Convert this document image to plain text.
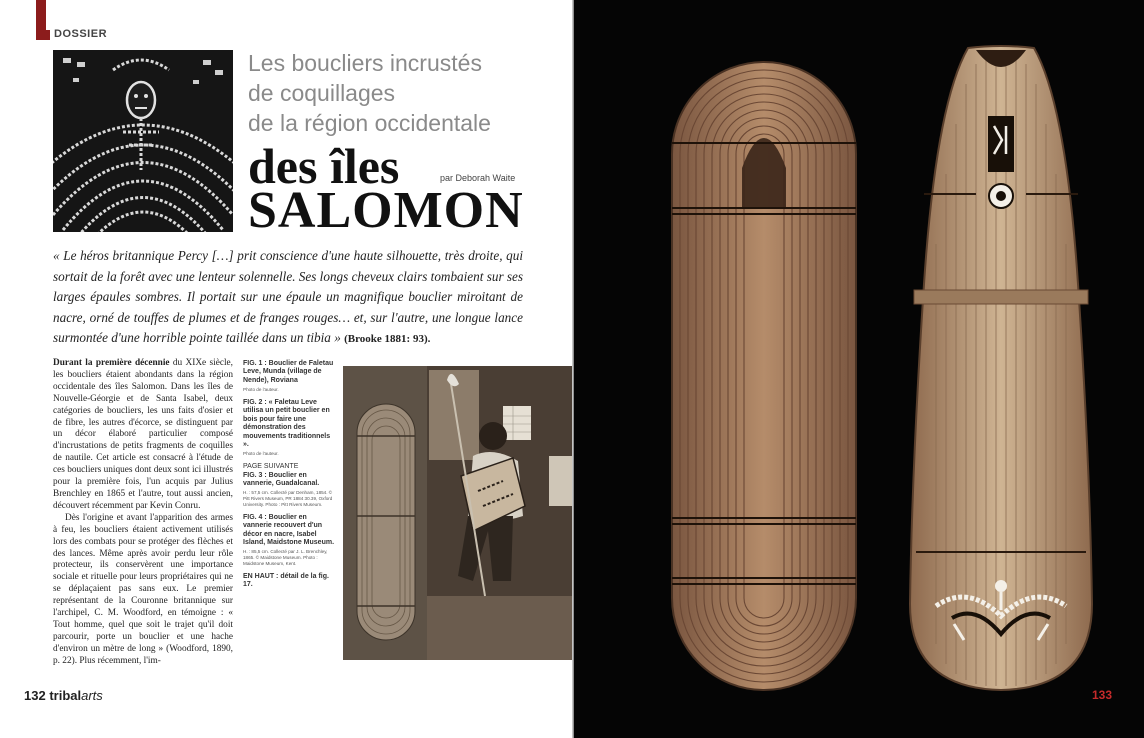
DOSSIER
Les boucliers incrustés
de coquillages
de la région occidentale
des îles
SALOMON
par Deborah Waite
« Le héros britannique Percy […] prit conscience d'une haute silhouette, très droite, qui sortait de la forêt avec une lenteur solennelle. Ses longs cheveux clairs tombaient sur ses larges épaules sombres. Il portait sur une épaule un magnifique bouclier miroitant de nacre, orné de touffes de plumes et de franges rouges… et, sur l'autre, une longue lance surmontée d'une horrible pointe taillée dans un tibia » (Brooke 1881: 93).

Durant la première décennie du XIXe siècle, les boucliers étaient abondants dans la région occidentale des îles Salomon. Dans les îles de Nouvelle-Géorgie et de Santa Isabel, deux catégories de boucliers, les uns faits d'osier et de fibre, les autres d'écorce, se distinguent par un décor élaboré particulier composé d'incrustations de petits fragments de coquilles de nautile. Cet article est consacré à l'étude de ces boucliers uniques dont deux sont ici illustrés pour la première fois, l'un acquis par Julius Brenchley en 1865 et l'autre, tout aussi ancien, découvert récemment par Kevin Conru.

Dès l'origine et avant l'apparition des armes à feu, les boucliers étaient activement utilisés lors des combats pour se protéger des flèches et des lances. Même après avoir perdu leur rôle protecteur, ils conservèrent une importance sociale et rituelle pour leurs propriétaires qui ne se déplaçaient pas sans eux. Le premier représentant de la Couronne britannique sur l'archipel, C. M. Woodford, en témoigne : « Tout homme, quel que soit le trajet qu'il doit parcourir, porte un bouclier et une hache d'environ un mètre de long » (Woodford, 1890, p. 22). Plus récemment, l'im-

FIG. 1 : Bouclier de Faletau Leve, Munda (village de Nende), Roviana
Photo de l'auteur.
FIG. 2 : « Faletau Leve utilisa un petit bouclier en bois pour faire une démonstration des mouvements traditionnels ».
Photo de l'auteur.
PAGE SUIVANTE
FIG. 3 : Bouclier en vannerie, Guadalcanal.
H. : 57,5 cm. Collecté par Denham, 1854. © Pitt Rivers Museum, PR 1884 30.39, Oxford University. Photo : Pitt Rivers Museum.
FIG. 4 : Bouclier en vannerie recouvert d'un décor en nacre, Isabel Island, Maidstone Museum.
H. : 85,5 cm. Collecté par J. L. Brenchley, 1865. © Maidstone Museum. Photo : Maidstone Museum, Kent.
EN HAUT : détail de la fig. 17.
132 tribalarts	133
